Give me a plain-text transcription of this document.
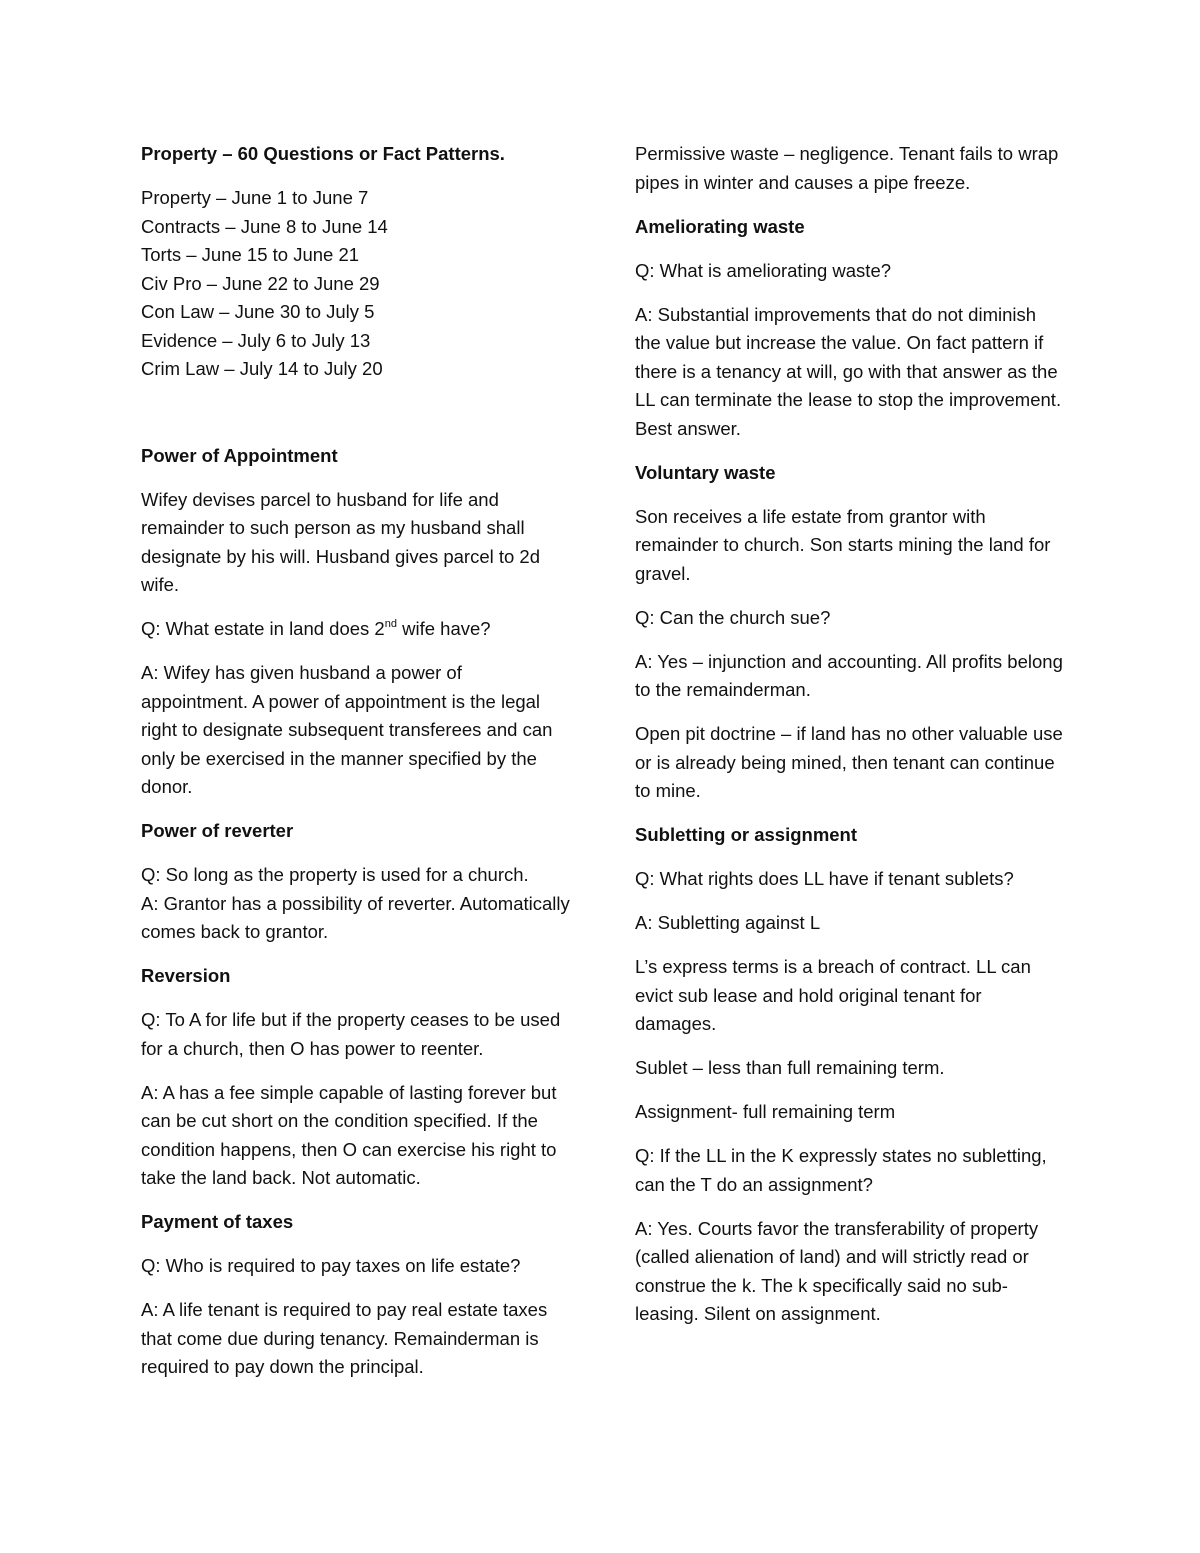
Property – 60 Questions or Fact Patterns.

Property – June 1 to June 7

Contracts – June 8 to June 14

Torts – June 15 to June 21

Civ Pro – June 22 to June 29

Con Law – June 30 to July 5

Evidence – July 6 to July 13

Crim Law – July 14 to July 20

Power of Appointment

Wifey devises parcel to husband for life and remainder to such person as my husband shall designate by his will. Husband gives parcel to 2d wife.

Q: What estate in land does 2nd wife have?

A: Wifey has given husband a power of appointment. A power of appointment is the legal right to designate subsequent transferees and can only be exercised in the manner specified by the donor.

Power of reverter

Q: So long as the property is used for a church.

A: Grantor has a possibility of reverter. Automatically comes back to grantor.

Reversion

Q: To A for life but if the property ceases to be used for a church, then O has power to reenter.

A: A has a fee simple capable of lasting forever but can be cut short on the condition specified. If the condition happens, then O can exercise his right to take the land back. Not automatic.

Payment of taxes

Q: Who is required to pay taxes on life estate?

A: A life tenant is required to pay real estate taxes that come due during tenancy. Remainderman is required to pay down the principal.

Permissive waste – negligence. Tenant fails to wrap pipes in winter and causes a pipe freeze.

Ameliorating waste

Q: What is ameliorating waste?

A: Substantial improvements that do not diminish the value but increase the value. On fact pattern if there is a tenancy at will, go with that answer as the LL can terminate the lease to stop the improvement. Best answer.

Voluntary waste

Son receives a life estate from grantor with remainder to church. Son starts mining the land for gravel.

Q: Can the church sue?

A: Yes – injunction and accounting. All profits belong to the remainderman.

Open pit doctrine – if land has no other valuable use or is already being mined, then tenant can continue to mine.

Subletting or assignment

Q: What rights does LL have if tenant sublets?

A: Subletting against L

L’s express terms is a breach of contract. LL can evict sub lease and hold original tenant for damages.

Sublet – less than full remaining term.

Assignment- full remaining term

Q: If the LL in the K expressly states no subletting, can the T do an assignment?

A: Yes. Courts favor the transferability of property (called alienation of land) and will strictly read or construe the k. The k specifically said no sub-leasing. Silent on assignment.
